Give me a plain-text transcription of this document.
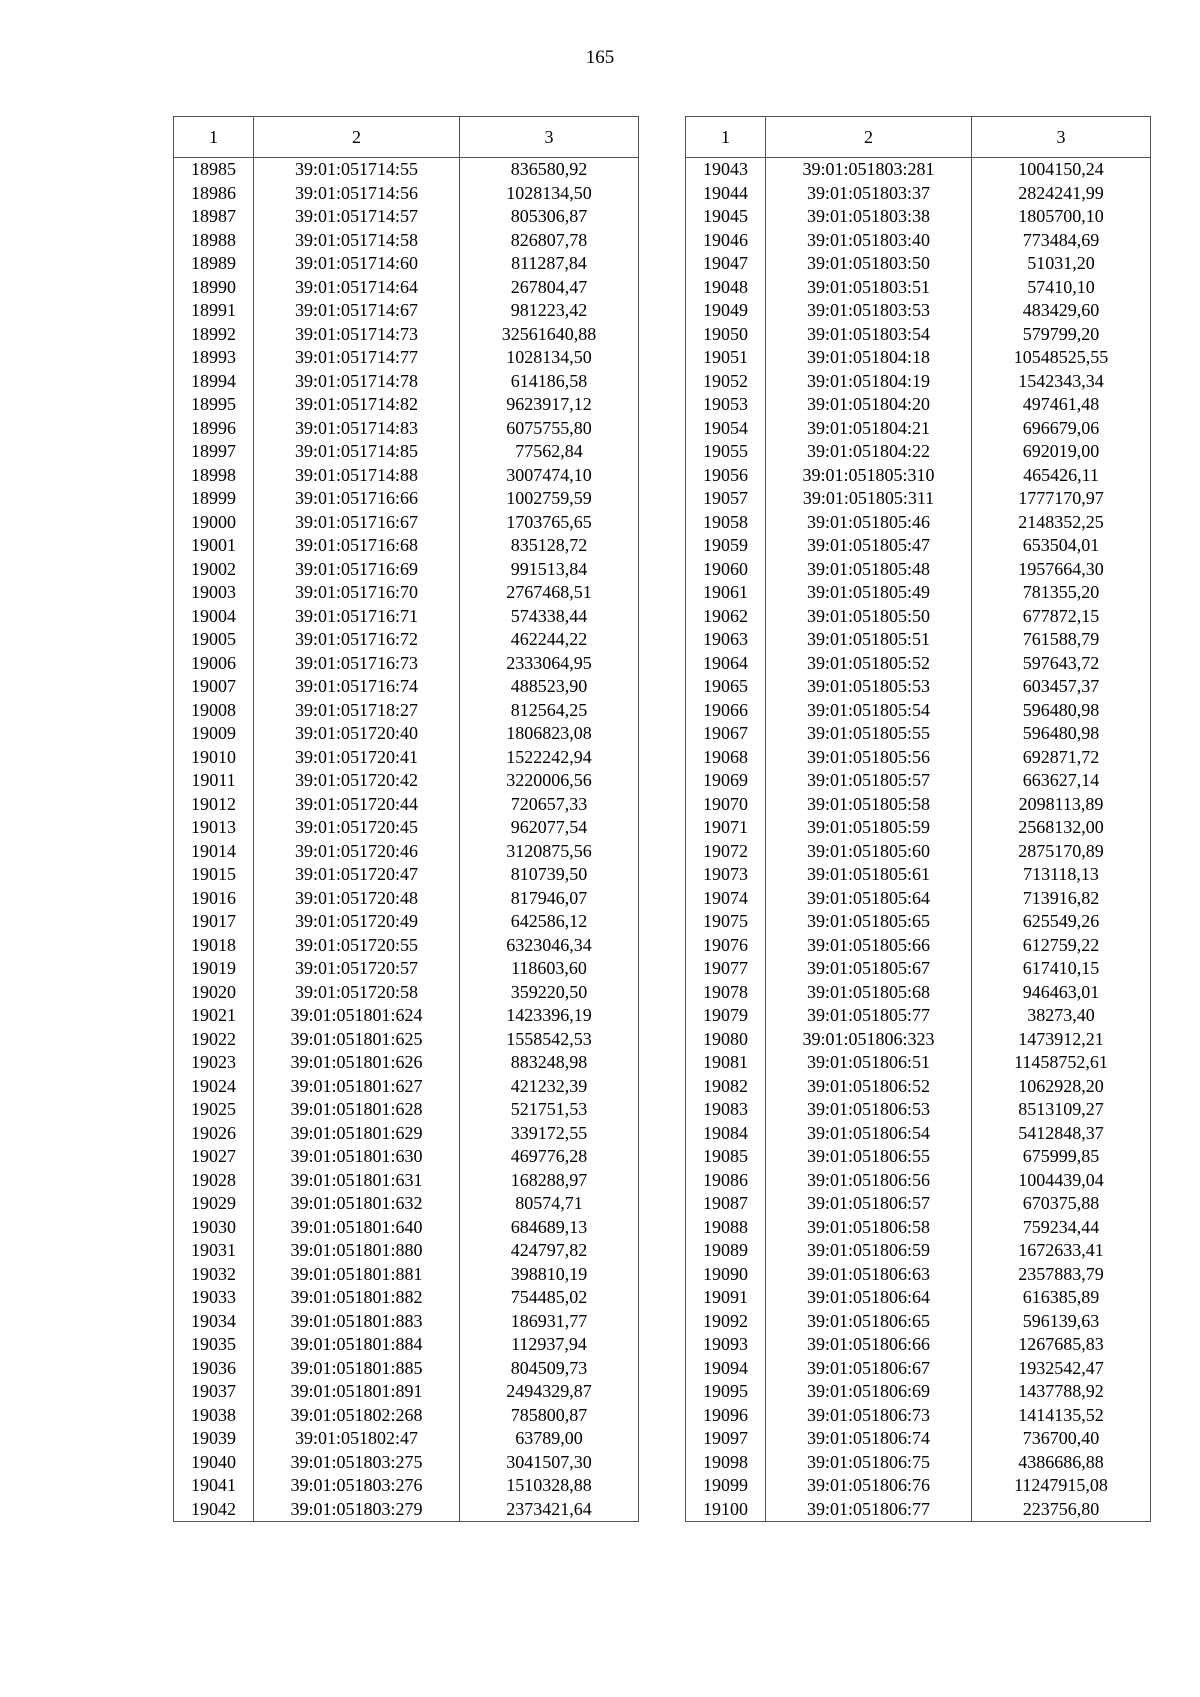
165
1	2	3
18985	39:01:051714:55	836580,92
18986	39:01:051714:56	1028134,50
18987	39:01:051714:57	805306,87
18988	39:01:051714:58	826807,78
18989	39:01:051714:60	811287,84
18990	39:01:051714:64	267804,47
18991	39:01:051714:67	981223,42
18992	39:01:051714:73	32561640,88
18993	39:01:051714:77	1028134,50
18994	39:01:051714:78	614186,58
18995	39:01:051714:82	9623917,12
18996	39:01:051714:83	6075755,80
18997	39:01:051714:85	77562,84
18998	39:01:051714:88	3007474,10
18999	39:01:051716:66	1002759,59
19000	39:01:051716:67	1703765,65
19001	39:01:051716:68	835128,72
19002	39:01:051716:69	991513,84
19003	39:01:051716:70	2767468,51
19004	39:01:051716:71	574338,44
19005	39:01:051716:72	462244,22
19006	39:01:051716:73	2333064,95
19007	39:01:051716:74	488523,90
19008	39:01:051718:27	812564,25
19009	39:01:051720:40	1806823,08
19010	39:01:051720:41	1522242,94
19011	39:01:051720:42	3220006,56
19012	39:01:051720:44	720657,33
19013	39:01:051720:45	962077,54
19014	39:01:051720:46	3120875,56
19015	39:01:051720:47	810739,50
19016	39:01:051720:48	817946,07
19017	39:01:051720:49	642586,12
19018	39:01:051720:55	6323046,34
19019	39:01:051720:57	118603,60
19020	39:01:051720:58	359220,50
19021	39:01:051801:624	1423396,19
19022	39:01:051801:625	1558542,53
19023	39:01:051801:626	883248,98
19024	39:01:051801:627	421232,39
19025	39:01:051801:628	521751,53
19026	39:01:051801:629	339172,55
19027	39:01:051801:630	469776,28
19028	39:01:051801:631	168288,97
19029	39:01:051801:632	80574,71
19030	39:01:051801:640	684689,13
19031	39:01:051801:880	424797,82
19032	39:01:051801:881	398810,19
19033	39:01:051801:882	754485,02
19034	39:01:051801:883	186931,77
19035	39:01:051801:884	112937,94
19036	39:01:051801:885	804509,73
19037	39:01:051801:891	2494329,87
19038	39:01:051802:268	785800,87
19039	39:01:051802:47	63789,00
19040	39:01:051803:275	3041507,30
19041	39:01:051803:276	1510328,88
19042	39:01:051803:279	2373421,64
1	2	3
19043	39:01:051803:281	1004150,24
19044	39:01:051803:37	2824241,99
19045	39:01:051803:38	1805700,10
19046	39:01:051803:40	773484,69
19047	39:01:051803:50	51031,20
19048	39:01:051803:51	57410,10
19049	39:01:051803:53	483429,60
19050	39:01:051803:54	579799,20
19051	39:01:051804:18	10548525,55
19052	39:01:051804:19	1542343,34
19053	39:01:051804:20	497461,48
19054	39:01:051804:21	696679,06
19055	39:01:051804:22	692019,00
19056	39:01:051805:310	465426,11
19057	39:01:051805:311	1777170,97
19058	39:01:051805:46	2148352,25
19059	39:01:051805:47	653504,01
19060	39:01:051805:48	1957664,30
19061	39:01:051805:49	781355,20
19062	39:01:051805:50	677872,15
19063	39:01:051805:51	761588,79
19064	39:01:051805:52	597643,72
19065	39:01:051805:53	603457,37
19066	39:01:051805:54	596480,98
19067	39:01:051805:55	596480,98
19068	39:01:051805:56	692871,72
19069	39:01:051805:57	663627,14
19070	39:01:051805:58	2098113,89
19071	39:01:051805:59	2568132,00
19072	39:01:051805:60	2875170,89
19073	39:01:051805:61	713118,13
19074	39:01:051805:64	713916,82
19075	39:01:051805:65	625549,26
19076	39:01:051805:66	612759,22
19077	39:01:051805:67	617410,15
19078	39:01:051805:68	946463,01
19079	39:01:051805:77	38273,40
19080	39:01:051806:323	1473912,21
19081	39:01:051806:51	11458752,61
19082	39:01:051806:52	1062928,20
19083	39:01:051806:53	8513109,27
19084	39:01:051806:54	5412848,37
19085	39:01:051806:55	675999,85
19086	39:01:051806:56	1004439,04
19087	39:01:051806:57	670375,88
19088	39:01:051806:58	759234,44
19089	39:01:051806:59	1672633,41
19090	39:01:051806:63	2357883,79
19091	39:01:051806:64	616385,89
19092	39:01:051806:65	596139,63
19093	39:01:051806:66	1267685,83
19094	39:01:051806:67	1932542,47
19095	39:01:051806:69	1437788,92
19096	39:01:051806:73	1414135,52
19097	39:01:051806:74	736700,40
19098	39:01:051806:75	4386686,88
19099	39:01:051806:76	11247915,08
19100	39:01:051806:77	223756,80
